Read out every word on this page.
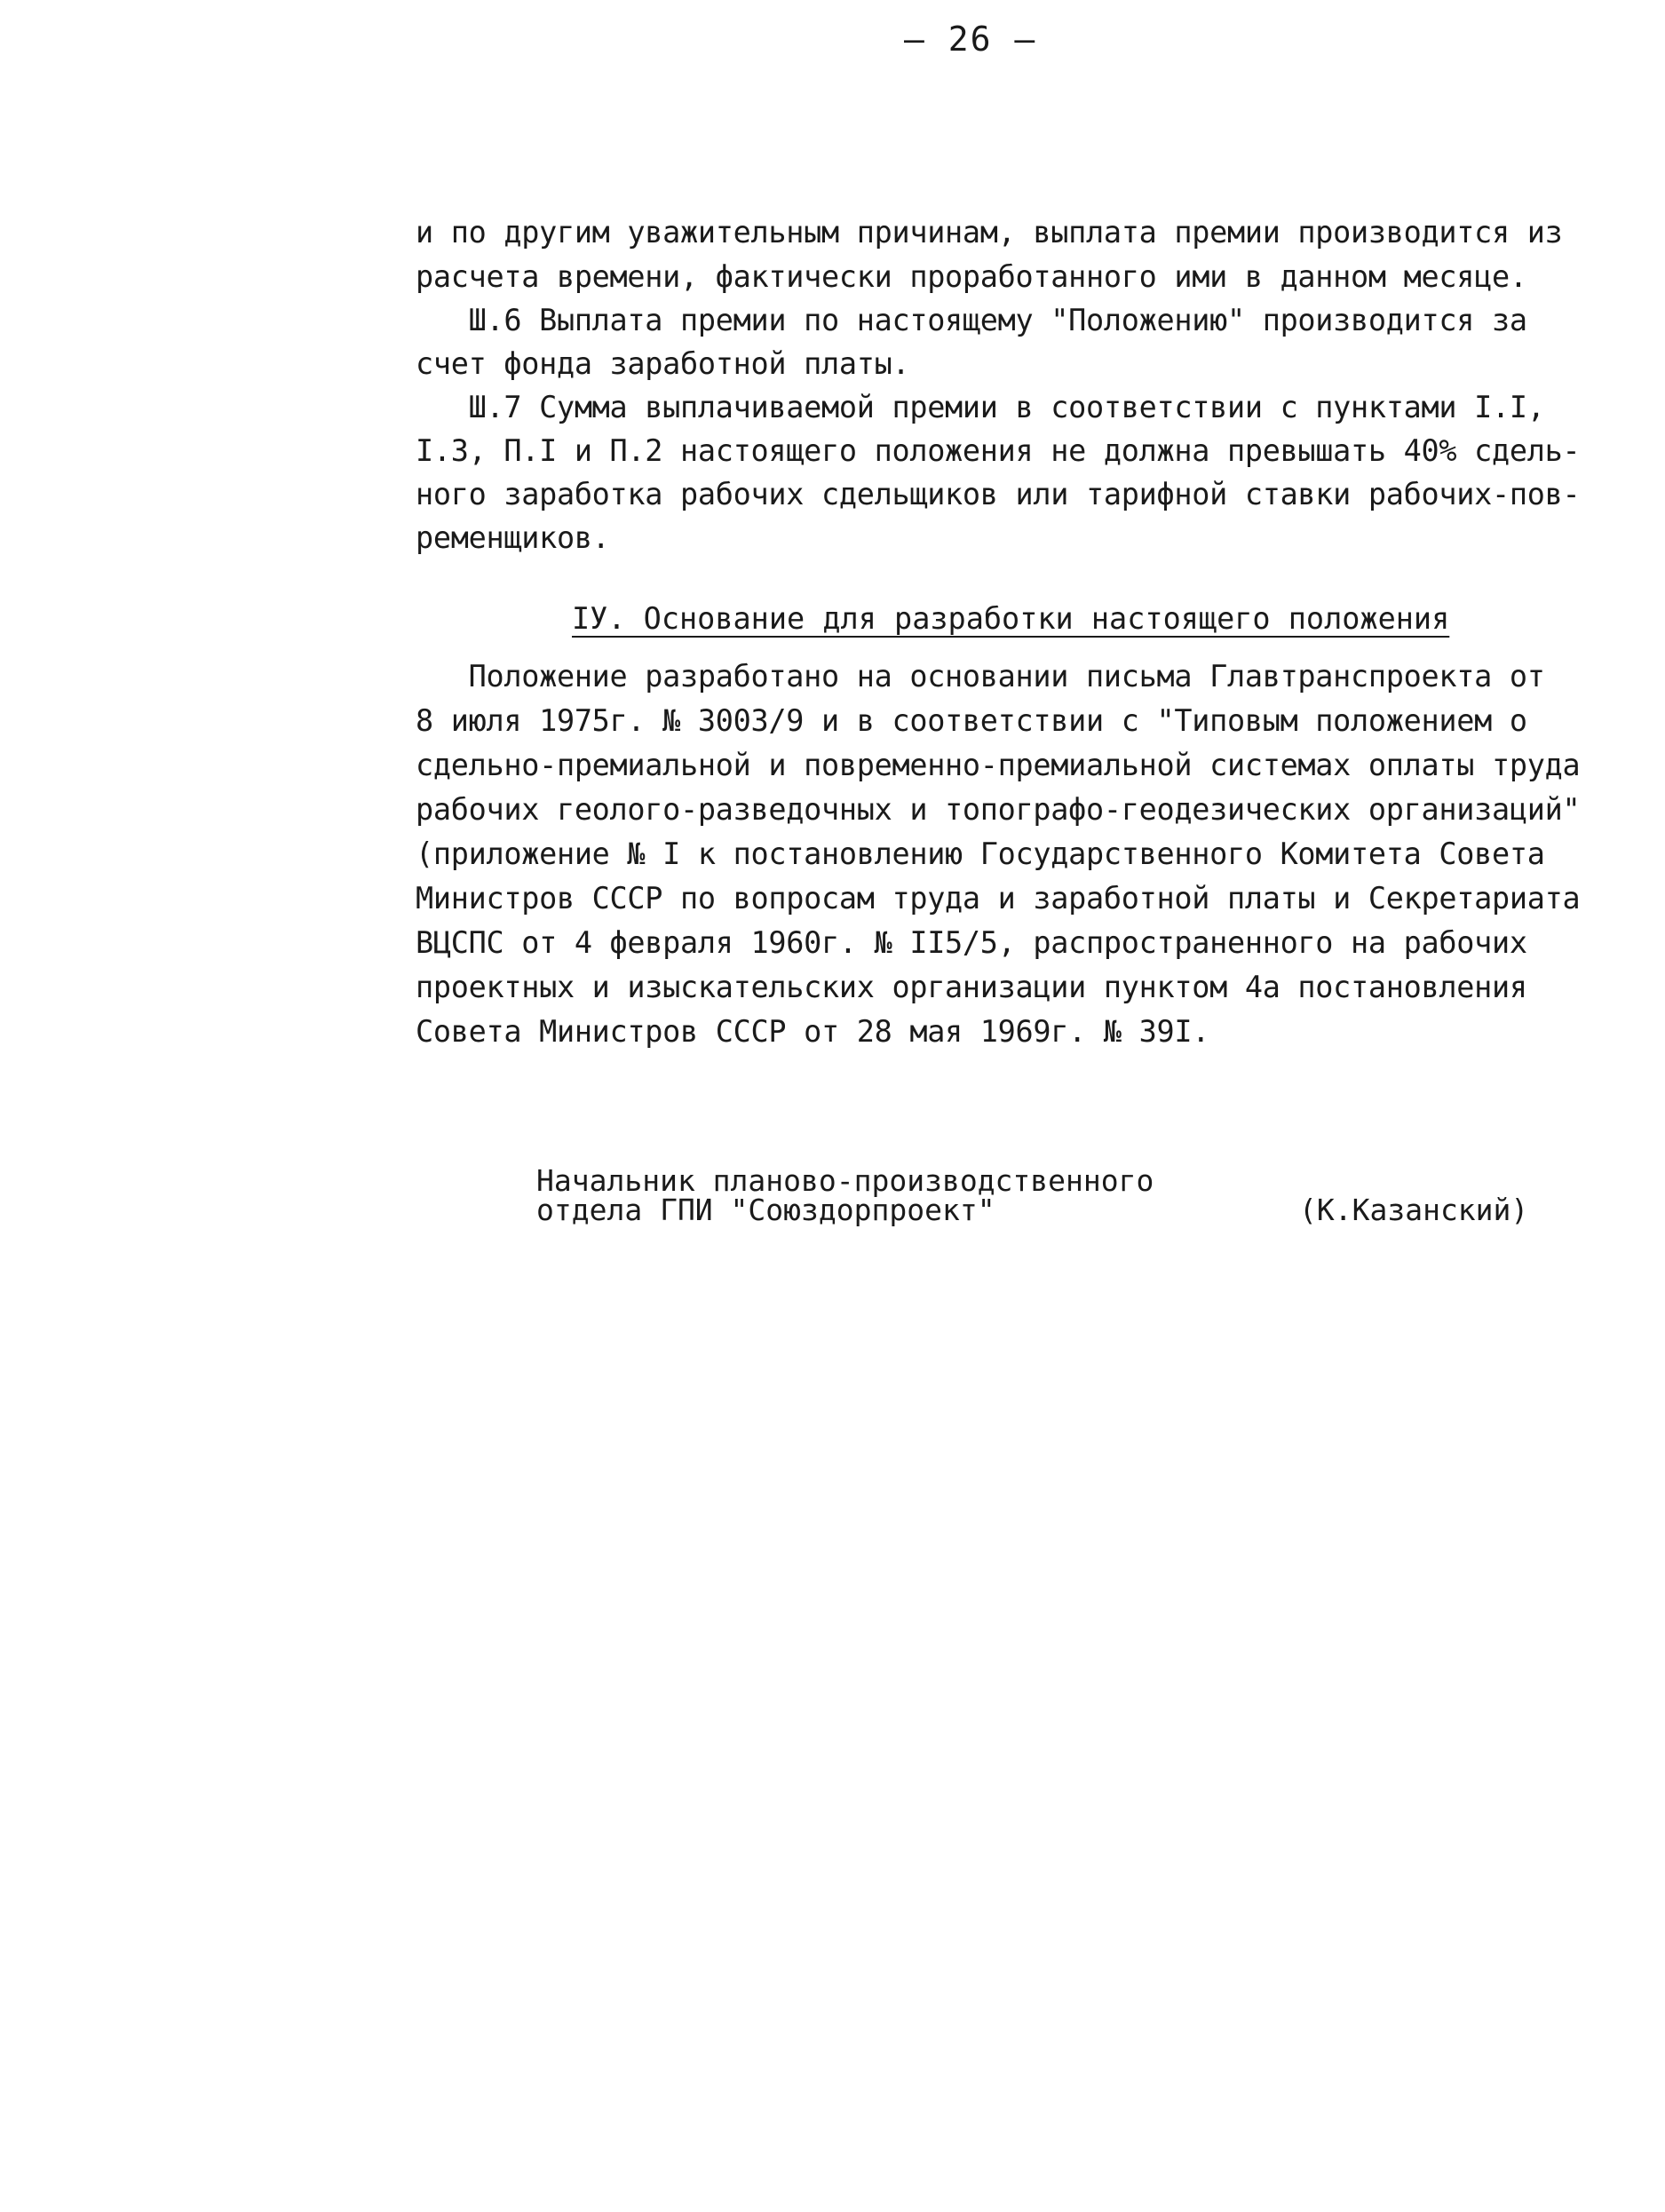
– 26 –
и по другим уважительным причинам, выплата премии производится из
расчета времени, фактически проработанного ими в данном месяце.
Ш.6 Выплата премии по настоящему "Положению" производится за
счет фонда заработной платы.
Ш.7 Сумма выплачиваемой премии в соответствии с пунктами I.I,
I.3, П.I и П.2 настоящего положения не должна превышать 40% сдель-
ного заработка рабочих сдельщиков или тарифной ставки рабочих-пов-
ременщиков.
IУ. Основание для разработки настоящего положения
Положение разработано на основании письма Главтранспроекта от
8 июля 1975г. № 3003/9 и в соответствии с "Типовым положением о
сдельно-премиальной и повременно-премиальной системах оплаты труда
рабочих геолого-разведочных и топографо-геодезических организаций"
(приложение № I к постановлению Государственного Комитета Совета
Министров СССР по вопросам труда и заработной платы и Секретариата
ВЦСПС от 4 февраля 1960г. № II5/5, распространенного на рабочих
проектных и изыскательских организации пунктом 4а постановления
Совета Министров СССР от 28 мая 1969г. № 39I.
Начальник планово-производственного
отдела ГПИ "Союздорпроект"	(К.Казанский)
